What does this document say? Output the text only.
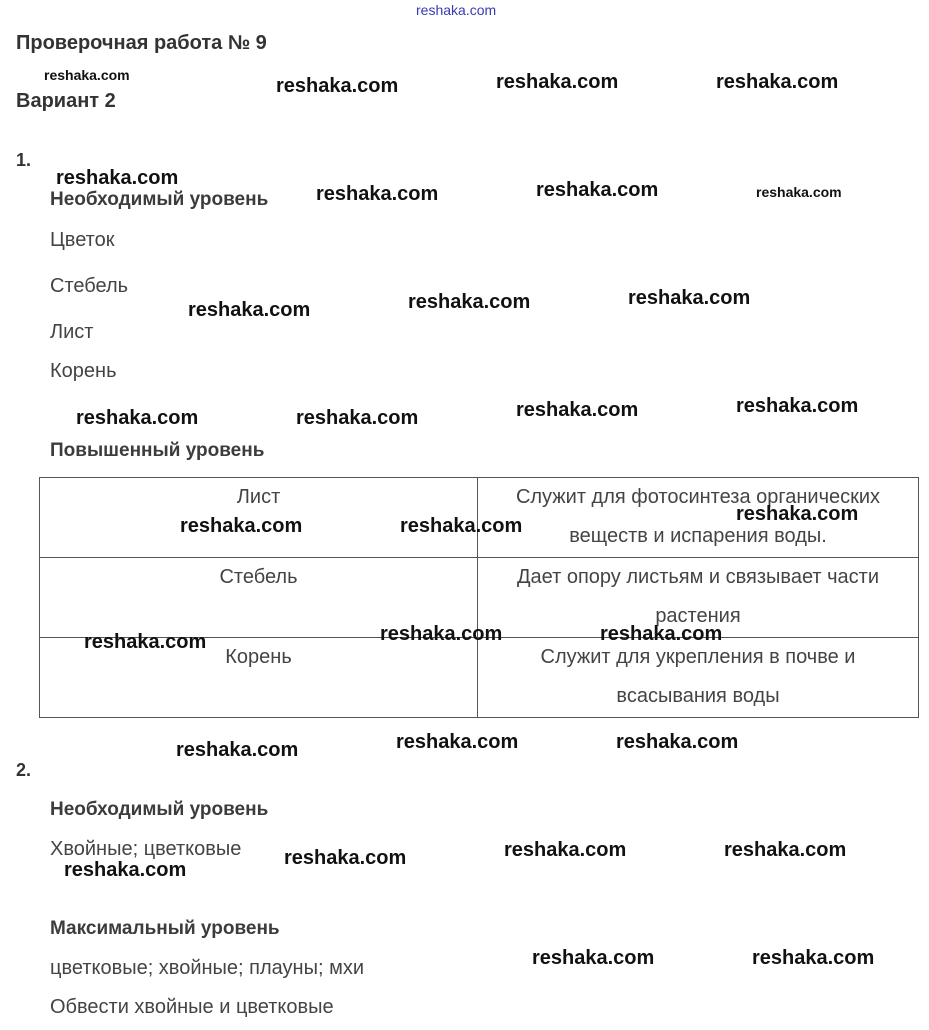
reshaka.com
Проверочная работа № 9
Вариант 2
1.
Необходимый уровень
Цветок
Стебель
Лист
Корень
Повышенный уровень
Лист	Служит для фотосинтеза органических веществ и испарения воды.
Стебель	Дает опору листьям и связывает части растения
Корень	Служит для укрепления в почве и всасывания воды
2.
Необходимый уровень
Хвойные; цветковые
Максимальный уровень
цветковые; хвойные; плауны; мхи
Обвести хвойные и цветковые
reshaka.com	reshaka.com	reshaka.com	reshaka.com
reshaka.com
reshaka.com	reshaka.com	reshaka.com
reshaka.com	reshaka.com	reshaka.com
reshaka.com	reshaka.com	reshaka.com	reshaka.com
reshaka.com	reshaka.com
reshaka.com
reshaka.com	reshaka.com	reshaka.com
reshaka.com	reshaka.com	reshaka.com
reshaka.com	reshaka.com	reshaka.com
reshaka.com
reshaka.com	reshaka.com
